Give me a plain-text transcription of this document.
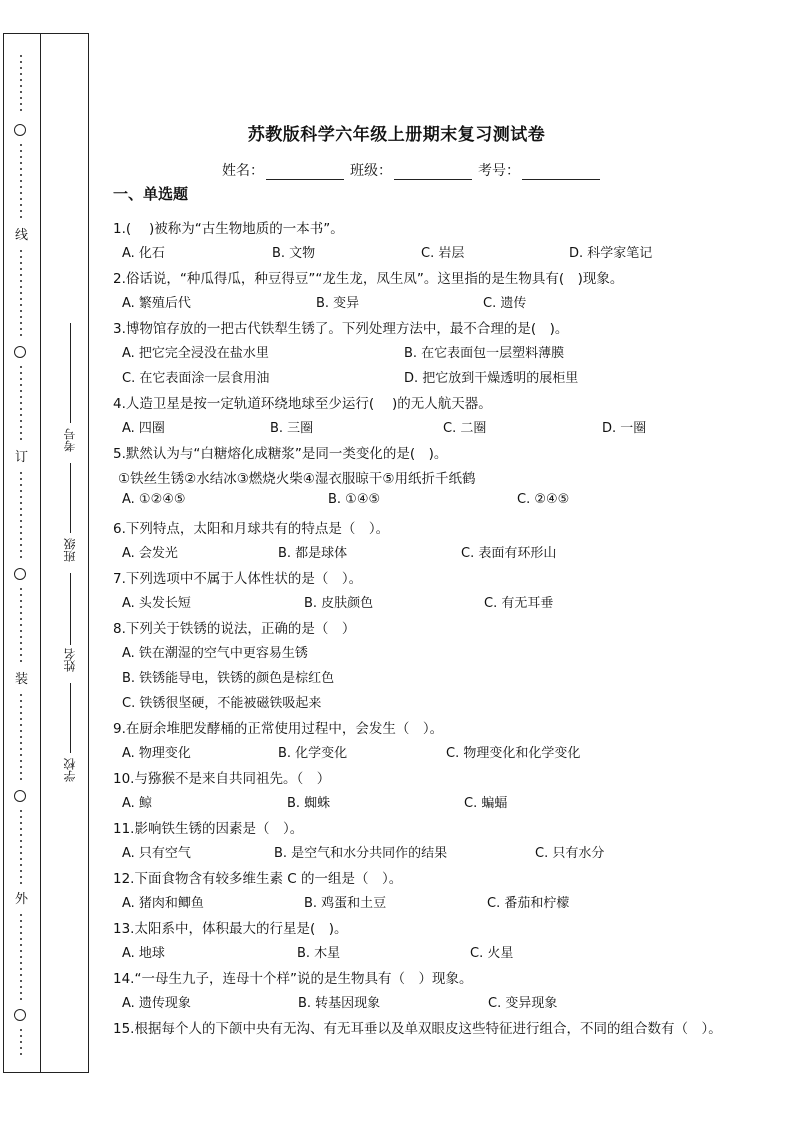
线
订
装
外
考号
班级
姓名
学校
苏教版科学六年级上册期末复习测试卷
姓名：	班级：	考号：
一、单选题
1.(　 )被称为“古生物地质的一本书”。
A. 化石	B. 文物	C. 岩层	D. 科学家笔记
2.俗话说，“种瓜得瓜，种豆得豆”“龙生龙，凤生凤”。这里指的是生物具有(　)现象。
A. 繁殖后代	B. 变异	C. 遗传
3.博物馆存放的一把古代铁犁生锈了。下列处理方法中，最不合理的是(　)。
A. 把它完全浸没在盐水里	B. 在它表面包一层塑料薄膜
C. 在它表面涂一层食用油	D. 把它放到干燥透明的展柜里
4.人造卫星是按一定轨道环绕地球至少运行(　 )的无人航天器。
A. 四圈	B. 三圈	C. 二圈	D. 一圈
5.默然认为与“白糖熔化成糖浆”是同一类变化的是(　)。
①铁丝生锈②水结冰③燃烧火柴④湿衣服晾干⑤用纸折千纸鹤
A. ①②④⑤	B. ①④⑤	C. ②④⑤
6.下列特点，太阳和月球共有的特点是（　）。
A. 会发光	B. 都是球体	C. 表面有环形山
7.下列选项中不属于人体性状的是（　）。
A. 头发长短	B. 皮肤颜色	C. 有无耳垂
8.下列关于铁锈的说法，正确的是（　）
A. 铁在潮湿的空气中更容易生锈
B. 铁锈能导电，铁锈的颜色是棕红色
C. 铁锈很坚硬，不能被磁铁吸起来
9.在厨余堆肥发酵桶的正常使用过程中，会发生（　）。
A. 物理变化	B. 化学变化	C. 物理变化和化学变化
10.与猕猴不是来自共同祖先。（　）
A. 鲸	B. 蜘蛛	C. 蝙蝠
11.影响铁生锈的因素是（　）。
A. 只有空气	B. 是空气和水分共同作的结果	C. 只有水分
12.下面食物含有较多维生素 C 的一组是（　）。
A. 猪肉和鲫鱼	B. 鸡蛋和土豆	C. 番茄和柠檬
13.太阳系中，体积最大的行星是(　)。
A. 地球	B. 木星	C. 火星
14.“一母生九子，连母十个样”说的是生物具有（　）现象。
A. 遗传现象	B. 转基因现象	C. 变异现象
15.根据每个人的下颌中央有无沟、有无耳垂以及单双眼皮这些特征进行组合，不同的组合数有（　）。
